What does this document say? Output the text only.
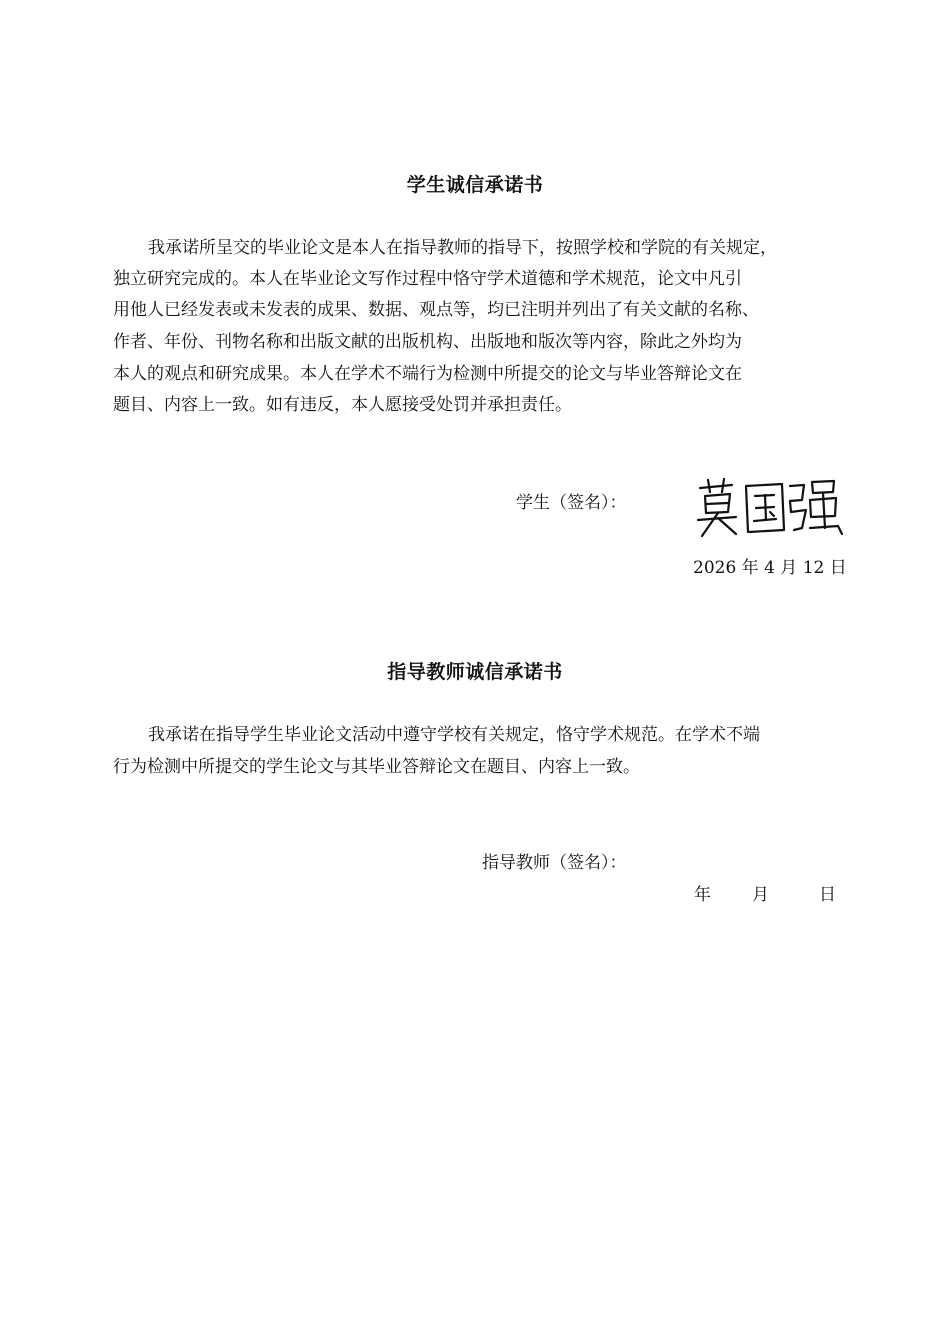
学生诚信承诺书
我承诺所呈交的毕业论文是本人在指导教师的指导下，按照学校和学院的有关规定，
独立研究完成的。本人在毕业论文写作过程中恪守学术道德和学术规范，论文中凡引
用他人已经发表或未发表的成果、数据、观点等，均已注明并列出了有关文献的名称、
作者、年份、刊物名称和出版文献的出版机构、出版地和版次等内容，除此之外均为
本人的观点和研究成果。本人在学术不端行为检测中所提交的论文与毕业答辩论文在
题目、内容上一致。如有违反，本人愿接受处罚并承担责任。
学生（签名）：
2026 年 4 月 12 日
指导教师诚信承诺书
我承诺在指导学生毕业论文活动中遵守学校有关规定，恪守学术规范。在学术不端
行为检测中所提交的学生论文与其毕业答辩论文在题目、内容上一致。
指导教师（签名）：
年 月	日
